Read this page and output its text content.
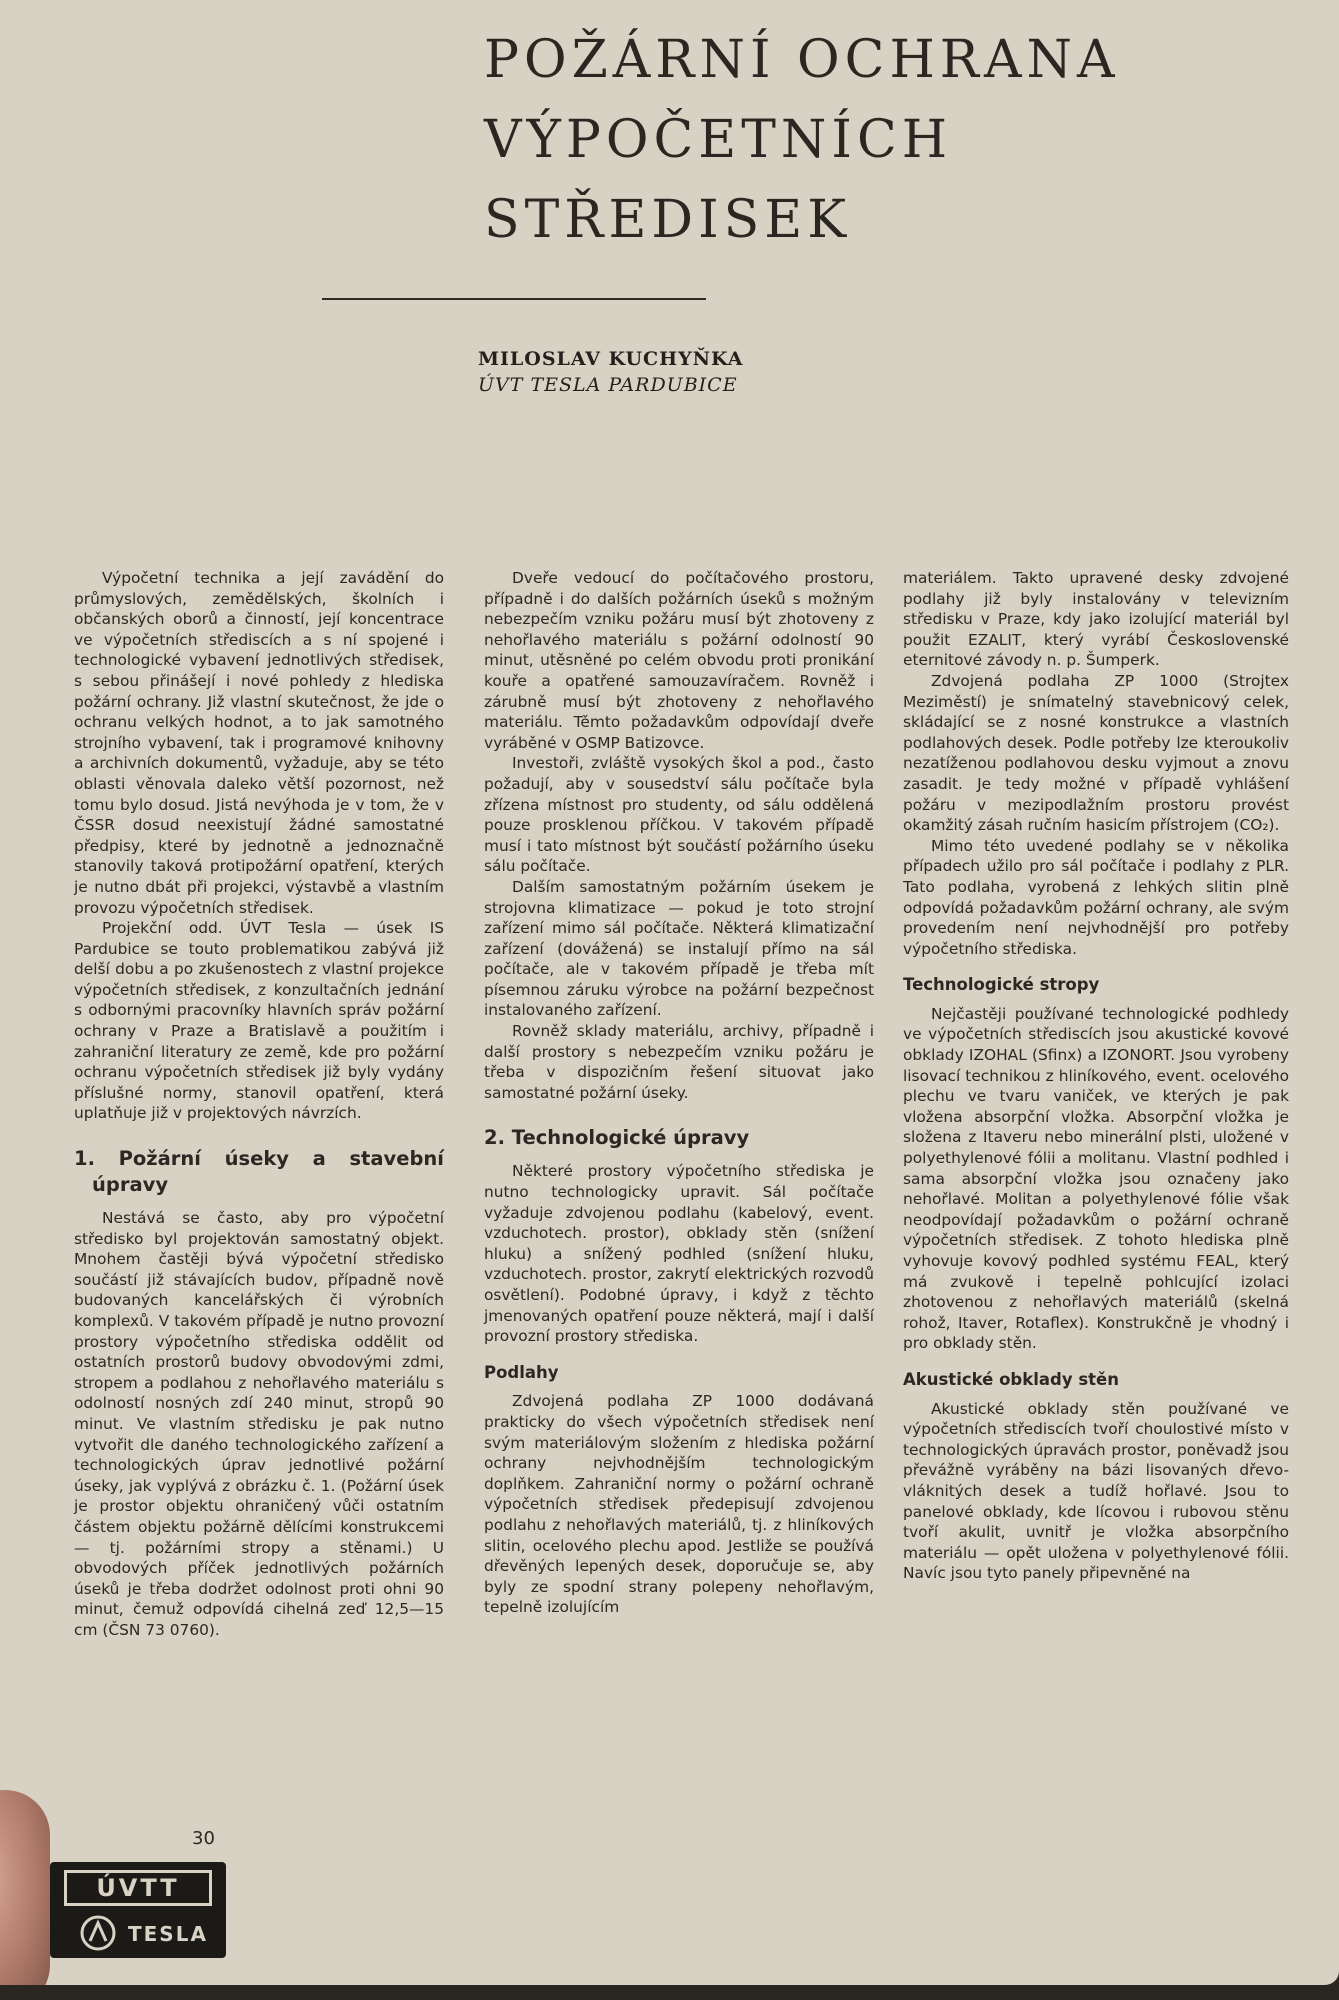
POŽÁRNÍ OCHRANA
VÝPOČETNÍCH
STŘEDISEK
MILOSLAV KUCHYŇKA
ÚVT TESLA PARDUBICE

Výpočetní technika a její zavádění do průmyslových, zemědělských, školních i občanských oborů a činností, její koncentrace ve výpočetních střediscích a s ní spojené i technologické vybavení jednotlivých středisek, s sebou přinášejí i nové pohledy z hlediska požární ochrany. Již vlastní skutečnost, že jde o ochranu velkých hodnot, a to jak samotného strojního vybavení, tak i programové knihovny a archivních dokumentů, vyžaduje, aby se této oblasti věnovala daleko větší pozornost, než tomu bylo dosud. Jistá nevýhoda je v tom, že v ČSSR dosud neexistují žádné samostatné předpisy, které by jednotně a jednoznačně stanovily taková protipožární opatření, kterých je nutno dbát při projekci, výstavbě a vlastním provozu výpočetních středisek.

Projekční odd. ÚVT Tesla — úsek IS Pardubice se touto problematikou zabývá již delší dobu a po zkušenostech z vlastní projekce výpočetních středisek, z konzultačních jednání s odbornými pracovníky hlavních správ požární ochrany v Praze a Bratislavě a použitím i zahraniční literatury ze země, kde pro požární ochranu výpočetních středisek již byly vydány příslušné normy, stanovil opatření, která uplatňuje již v projektových návrzích.

1. Požární úseky a stavební úpravy

Nestává se často, aby pro výpočetní středisko byl projektován samostatný objekt. Mnohem častěji bývá výpočetní středisko součástí již stávajících budov, případně nově budovaných kancelářských či výrobních komplexů. V takovém případě je nutno provozní prostory výpočetního střediska oddělit od ostatních prostorů budovy obvodovými zdmi, stropem a podlahou z nehořlavého materiálu s odolností nosných zdí 240 minut, stropů 90 minut. Ve vlastním středisku je pak nutno vytvořit dle daného technologického zařízení a technologických úprav jednotlivé požární úseky, jak vyplývá z obrázku č. 1. (Požární úsek je prostor objektu ohraničený vůči ostatním částem objektu požárně dělícími konstrukcemi — tj. požárními stropy a stěnami.) U obvodových příček jednotlivých požárních úseků je třeba dodržet odolnost proti ohni 90 minut, čemuž odpovídá cihelná zeď 12,5—15 cm (ČSN 73 0760).

Dveře vedoucí do počítačového prostoru, případně i do dalších požárních úseků s možným nebezpečím vzniku požáru musí být zhotoveny z nehořlavého materiálu s požární odolností 90 minut, utěsněné po celém obvodu proti pronikání kouře a opatřené samouzavíračem. Rovněž i zárubně musí být zhotoveny z nehořlavého materiálu. Těmto požadavkům odpovídají dveře vyráběné v OSMP Batizovce.

Investoři, zvláště vysokých škol a pod., často požadují, aby v sousedství sálu počítače byla zřízena místnost pro studenty, od sálu oddělená pouze prosklenou příčkou. V takovém případě musí i tato místnost být součástí požárního úseku sálu počítače.

Dalším samostatným požárním úsekem je strojovna klimatizace — pokud je toto strojní zařízení mimo sál počítače. Některá klimatizační zařízení (dovážená) se instalují přímo na sál počítače, ale v takovém případě je třeba mít písemnou záruku výrobce na požární bezpečnost instalovaného zařízení.

Rovněž sklady materiálu, archivy, případně i další prostory s nebezpečím vzniku požáru je třeba v dispozičním řešení situovat jako samostatné požární úseky.

2. Technologické úpravy

Některé prostory výpočetního střediska je nutno technologicky upravit. Sál počítače vyžaduje zdvojenou podlahu (kabelový, event. vzduchotech. prostor), obklady stěn (snížení hluku) a snížený podhled (snížení hluku, vzduchotech. prostor, zakrytí elektrických rozvodů osvětlení). Podobné úpravy, i když z těchto jmenovaných opatření pouze některá, mají i další provozní prostory střediska.

Podlahy

Zdvojená podlaha ZP 1000 dodávaná prakticky do všech výpočetních středisek není svým materiálovým složením z hlediska požární ochrany nejvhodnějším technologickým doplňkem. Zahraniční normy o požární ochraně výpočetních středisek předepisují zdvojenou podlahu z nehořlavých materiálů, tj. z hliníkových slitin, ocelového plechu apod. Jestliže se používá dřevěných lepených desek, doporučuje se, aby byly ze spodní strany polepeny nehořlavým, tepelně izolujícím

materiálem. Takto upravené desky zdvojené podlahy již byly instalovány v televizním středisku v Praze, kdy jako izolující materiál byl použit EZALIT, který vyrábí Československé eternitové závody n. p. Šumperk.

Zdvojená podlaha ZP 1000 (Strojtex Meziměstí) je snímatelný stavebnicový celek, skládající se z nosné konstrukce a vlastních podlahových desek. Podle potřeby lze kteroukoliv nezatíženou podlahovou desku vyjmout a znovu zasadit. Je tedy možné v případě vyhlášení požáru v mezipodlažním prostoru provést okamžitý zásah ručním hasicím přístrojem (CO₂).

Mimo této uvedené podlahy se v několika případech užilo pro sál počítače i podlahy z PLR. Tato podlaha, vyrobená z lehkých slitin plně odpovídá požadavkům požární ochrany, ale svým provedením není nejvhodnější pro potřeby výpočetního střediska.

Technologické stropy

Nejčastěji používané technologické podhledy ve výpočetních střediscích jsou akustické kovové obklady IZOHAL (Sfinx) a IZONORT. Jsou vyrobeny lisovací technikou z hliníkového, event. ocelového plechu ve tvaru vaniček, ve kterých je pak vložena absorpční vložka. Absorpční vložka je složena z Itaveru nebo minerální plsti, uložené v polyethylenové fólii a molitanu. Vlastní podhled i sama absorpční vložka jsou označeny jako nehořlavé. Molitan a polyethylenové fólie však neodpovídají požadavkům o požární ochraně výpočetních středisek. Z tohoto hlediska plně vyhovuje kovový podhled systému FEAL, který má zvukově i tepelně pohlcující izolaci zhotovenou z nehořlavých materiálů (skelná rohož, Itaver, Rotaflex). Konstrukčně je vhodný i pro obklady stěn.

Akustické obklady stěn

Akustické obklady stěn používané ve výpočetních střediscích tvoří choulostivé místo v technologických úpravách prostor, poněvadž jsou převážně vyráběny na bázi lisovaných dřevo-vláknitých desek a tudíž hořlavé. Jsou to panelové obklady, kde lícovou i rubovou stěnu tvoří akulit, uvnitř je vložka absorpčního materiálu — opět uložena v polyethylenové fólii. Navíc jsou tyto panely připevněné na

30
ÚVTT
TESLA
